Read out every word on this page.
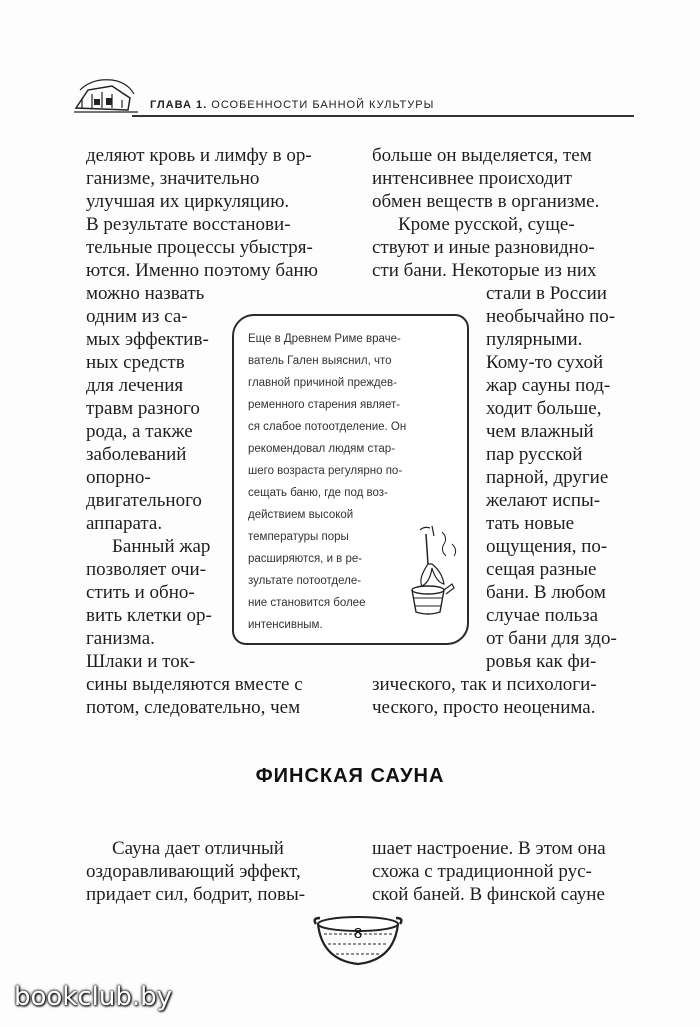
ГЛАВА 1. ОСОБЕННОСТИ БАННОЙ КУЛЬТУРЫ
деляют кровь и лимфу в ор-
ганизме, значительно
улучшая их циркуляцию.
В результате восстанови-
тельные процессы убыстря-
ются. Именно поэтому баню
можно назвать
одним из са-
мых эффектив-
ных средств
для лечения
травм разного
рода, а также
заболеваний
опорно-
двигательного
аппарата.
Банный жар
позволяет очи-
стить и обно-
вить клетки ор-
ганизма.
Шлаки и ток-
сины выделяются вместе с
потом, следовательно, чем
больше он выделяется, тем
интенсивнее происходит
обмен веществ в организме.
Кроме русской, суще-
ствуют и иные разновидно-
сти бани. Некоторые из них
стали в России
необычайно по-
пулярными.
Кому-то сухой
жар сауны под-
ходит больше,
чем влажный
пар русской
парной, другие
желают испы-
тать новые
ощущения, по-
сещая разные
бани. В любом
случае польза
от бани для здо-
ровья как фи-
зического, так и психологи-
ческого, просто неоценима.
Еще в Древнем Риме врачe-
ватель Гален выяснил, что
главной причиной преждев-
ременного старения являет-
ся слабое потоотделение. Он
рекомендовал людям стар-
шего возраста регулярно по-
сещать баню, где под воз-
действием высокой
температуры поры
расширяются, и в ре-
зультате потоотделе-
ние становится более
интенсивным.
ФИНСКАЯ САУНА
Сауна дает отличный
оздоравливающий эффект,
придает сил, бодрит, повы-
шает настроение. В этом она
схожа с традиционной рус-
ской баней. В финской сауне
8
bookclub.by
